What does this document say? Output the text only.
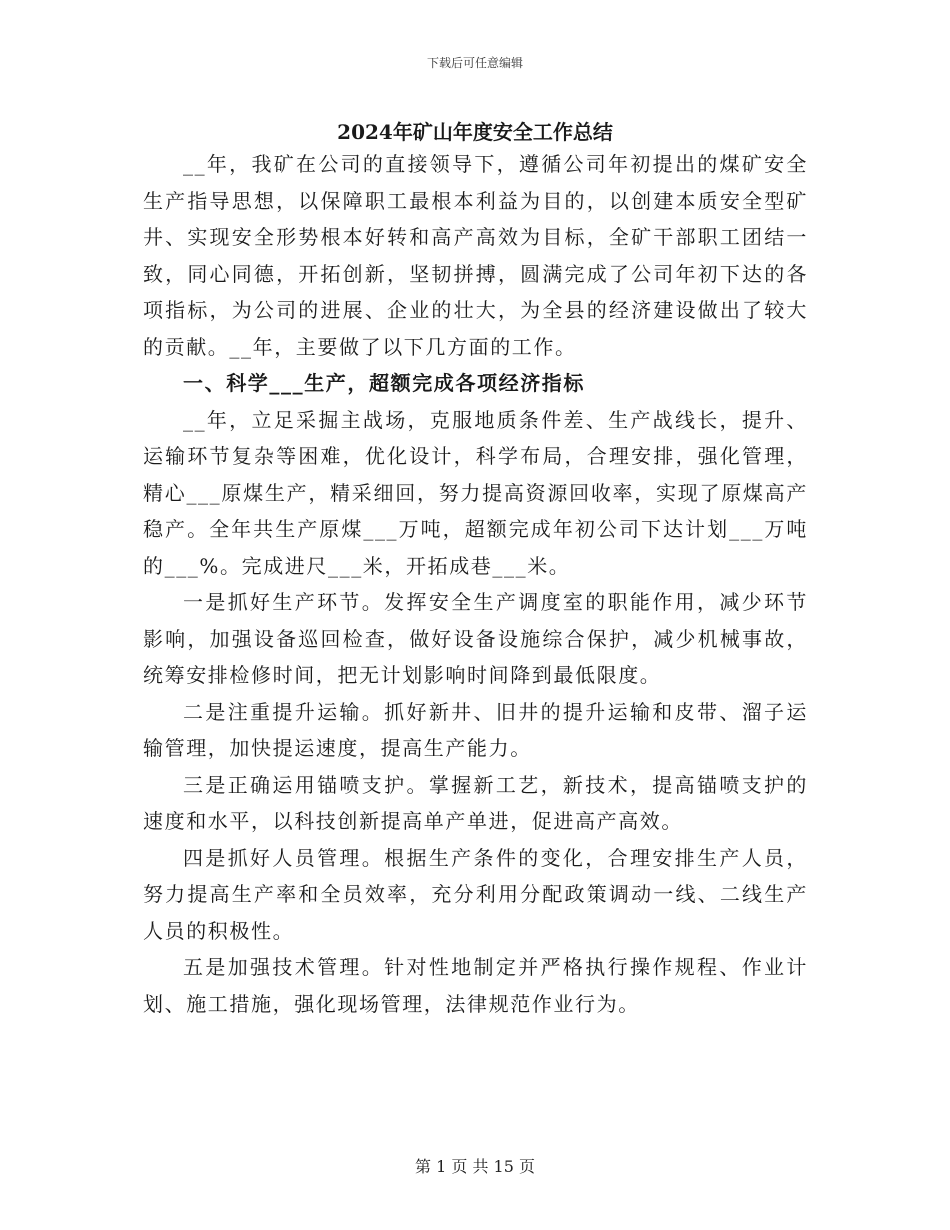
下载后可任意编辑
2024年矿山年度安全工作总结

__年，我矿在公司的直接领导下，遵循公司年初提出的煤矿安全生产指导思想，以保障职工最根本利益为目的，以创建本质安全型矿井、实现安全形势根本好转和高产高效为目标，全矿干部职工团结一致，同心同德，开拓创新，坚韧拼搏，圆满完成了公司年初下达的各项指标，为公司的进展、企业的壮大，为全县的经济建设做出了较大的贡献。__年，主要做了以下几方面的工作。

一、科学___生产，超额完成各项经济指标

__年，立足采掘主战场，克服地质条件差、生产战线长，提升、运输环节复杂等困难，优化设计，科学布局，合理安排，强化管理，精心___原煤生产，精采细回，努力提高资源回收率，实现了原煤高产稳产。全年共生产原煤___万吨，超额完成年初公司下达计划___万吨的___%。完成进尺___米，开拓成巷___米。

一是抓好生产环节。发挥安全生产调度室的职能作用，减少环节影响，加强设备巡回检查，做好设备设施综合保护，减少机械事故，统筹安排检修时间，把无计划影响时间降到最低限度。

二是注重提升运输。抓好新井、旧井的提升运输和皮带、溜子运输管理，加快提运速度，提高生产能力。

三是正确运用锚喷支护。掌握新工艺，新技术，提高锚喷支护的速度和水平，以科技创新提高单产单进，促进高产高效。

四是抓好人员管理。根据生产条件的变化，合理安排生产人员，努力提高生产率和全员效率，充分利用分配政策调动一线、二线生产人员的积极性。

五是加强技术管理。针对性地制定并严格执行操作规程、作业计划、施工措施，强化现场管理，法律规范作业行为。

第 1 页 共 15 页
